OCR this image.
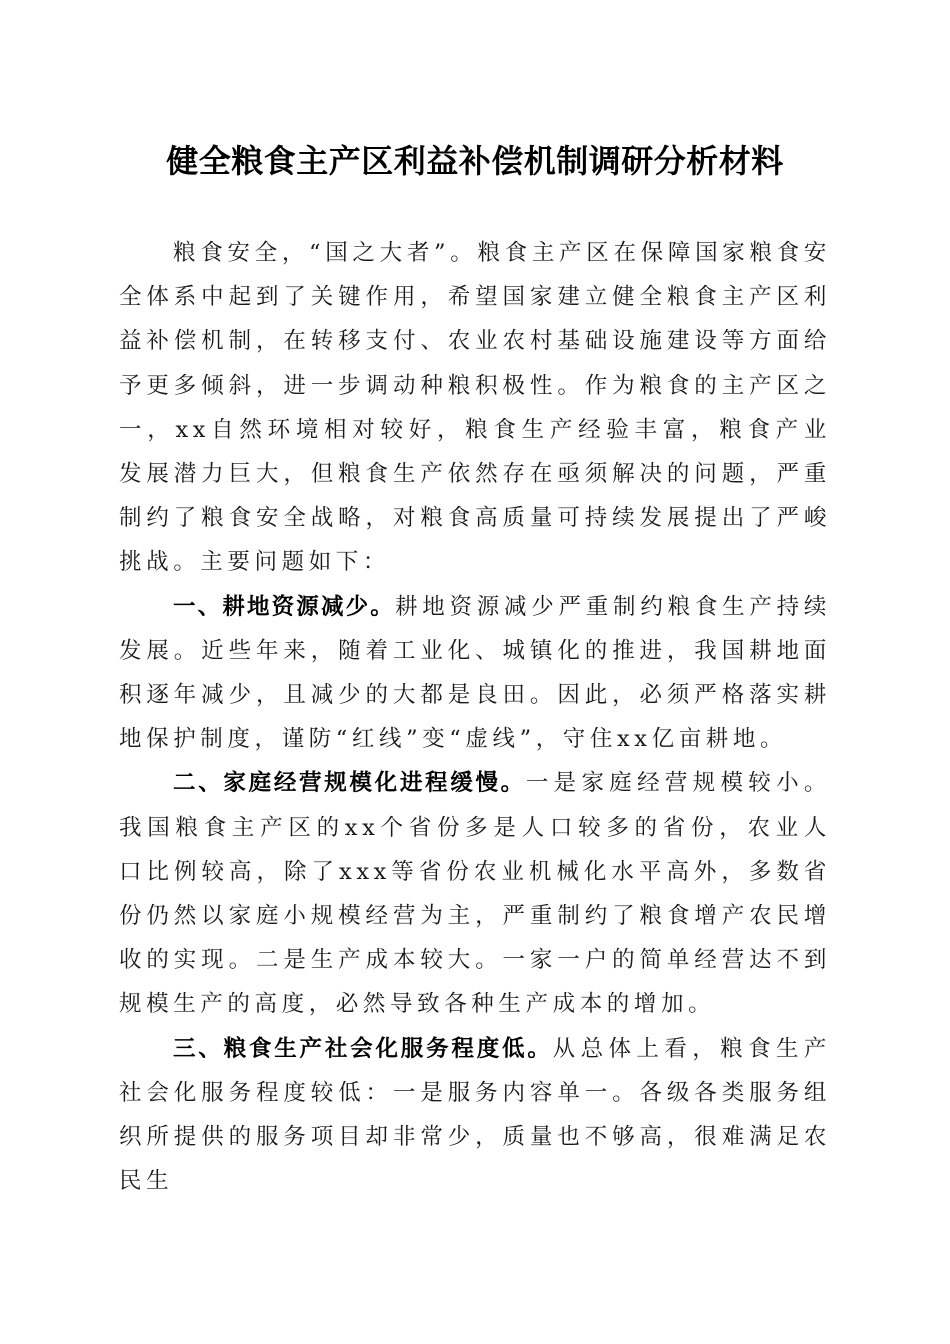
健全粮食主产区利益补偿机制调研分析材料

粮食安全，“国之大者”。粮食主产区在保障国家粮食安全体系中起到了关键作用，希望国家建立健全粮食主产区利益补偿机制，在转移支付、农业农村基础设施建设等方面给予更多倾斜，进一步调动种粮积极性。作为粮食的主产区之一，xx自然环境相对较好，粮食生产经验丰富，粮食产业发展潜力巨大，但粮食生产依然存在亟须解决的问题，严重制约了粮食安全战略，对粮食高质量可持续发展提出了严峻挑战。主要问题如下：

一、耕地资源减少。耕地资源减少严重制约粮食生产持续发展。近些年来，随着工业化、城镇化的推进，我国耕地面积逐年减少，且减少的大都是良田。因此，必须严格落实耕地保护制度，谨防“红线”变“虚线”，守住xx亿亩耕地。

二、家庭经营规模化进程缓慢。一是家庭经营规模较小。我国粮食主产区的xx个省份多是人口较多的省份，农业人口比例较高，除了xxx等省份农业机械化水平高外，多数省份仍然以家庭小规模经营为主，严重制约了粮食增产农民增收的实现。二是生产成本较大。一家一户的简单经营达不到规模生产的高度，必然导致各种生产成本的增加。

三、粮食生产社会化服务程度低。从总体上看，粮食生产社会化服务程度较低：一是服务内容单一。各级各类服务组织所提供的服务项目却非常少，质量也不够高，很难满足农民生
